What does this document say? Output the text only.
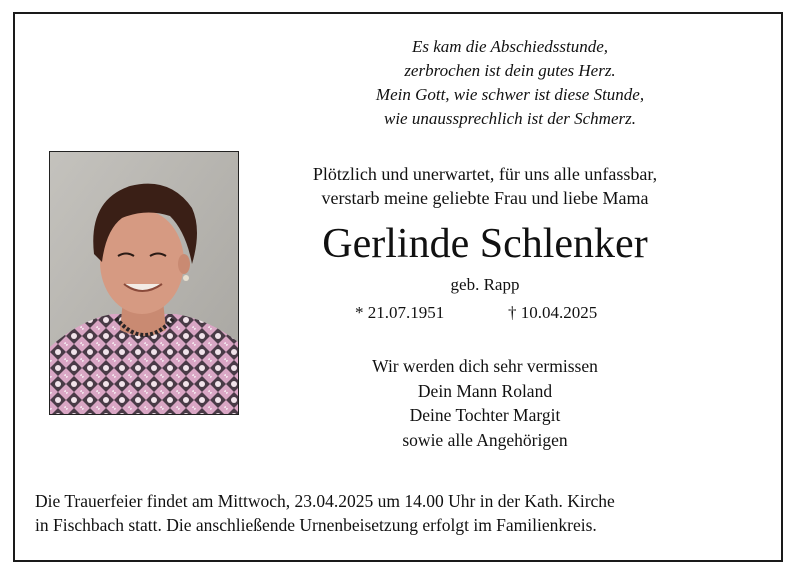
Es kam die Abschiedsstunde,
zerbrochen ist dein gutes Herz.
Mein Gott, wie schwer ist diese Stunde,
wie unaussprechlich ist der Schmerz.
Plötzlich und unerwartet, für uns alle unfassbar,
verstarb meine geliebte Frau und liebe Mama
Gerlinde Schlenker
geb. Rapp
* 21.07.1951	† 10.04.2025
Wir werden dich sehr vermissen
Dein Mann Roland
Deine Tochter Margit
sowie alle Angehörigen
Die Trauerfeier findet am Mittwoch, 23.04.2025 um 14.00 Uhr in der Kath. Kirche
in Fischbach statt. Die anschließende Urnenbeisetzung erfolgt im Familienkreis.
